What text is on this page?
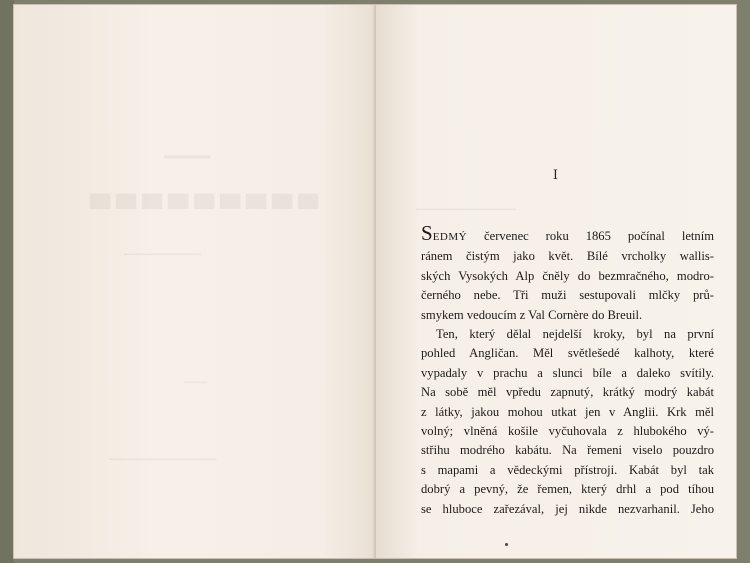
▔▔▔
▀▀▀▀▀▀▀▀▀
▔▔▔▔▔▔▔▔▔▔
▔▔▔
▔▔▔▔▔▔▔▔▔▔▔▔▔▔
▔▔▔▔▔▔▔▔▔▔▔▔▔
I

SEDMÝ červenec roku 1865 počínal letním
ránem čistým jako květ. Bílé vrcholky wallis-
ských Vysokých Alp čněly do bezmračného, modro-
černého nebe. Tři muži sestupovali mlčky prů-
smykem vedoucím z Val Cornère do Breuil.

Ten, který dělal nejdelší kroky, byl na první
pohled Angličan. Měl světlešedé kalhoty, které
vypadaly v prachu a slunci bíle a daleko svítily.
Na sobě měl vpředu zapnutý, krátký modrý kabát
z látky, jakou mohou utkat jen v Anglii. Krk měl
volný; vlněná košile vyčuhovala z hlubokého vý-
střihu modrého kabátu. Na řemeni viselo pouzdro
s mapami a vědeckými přístroji. Kabát byl tak
dobrý a pevný, že řemen, který drhl a pod tíhou
se hluboce zařezával, jej nikde nezvarhanil. Jeho
